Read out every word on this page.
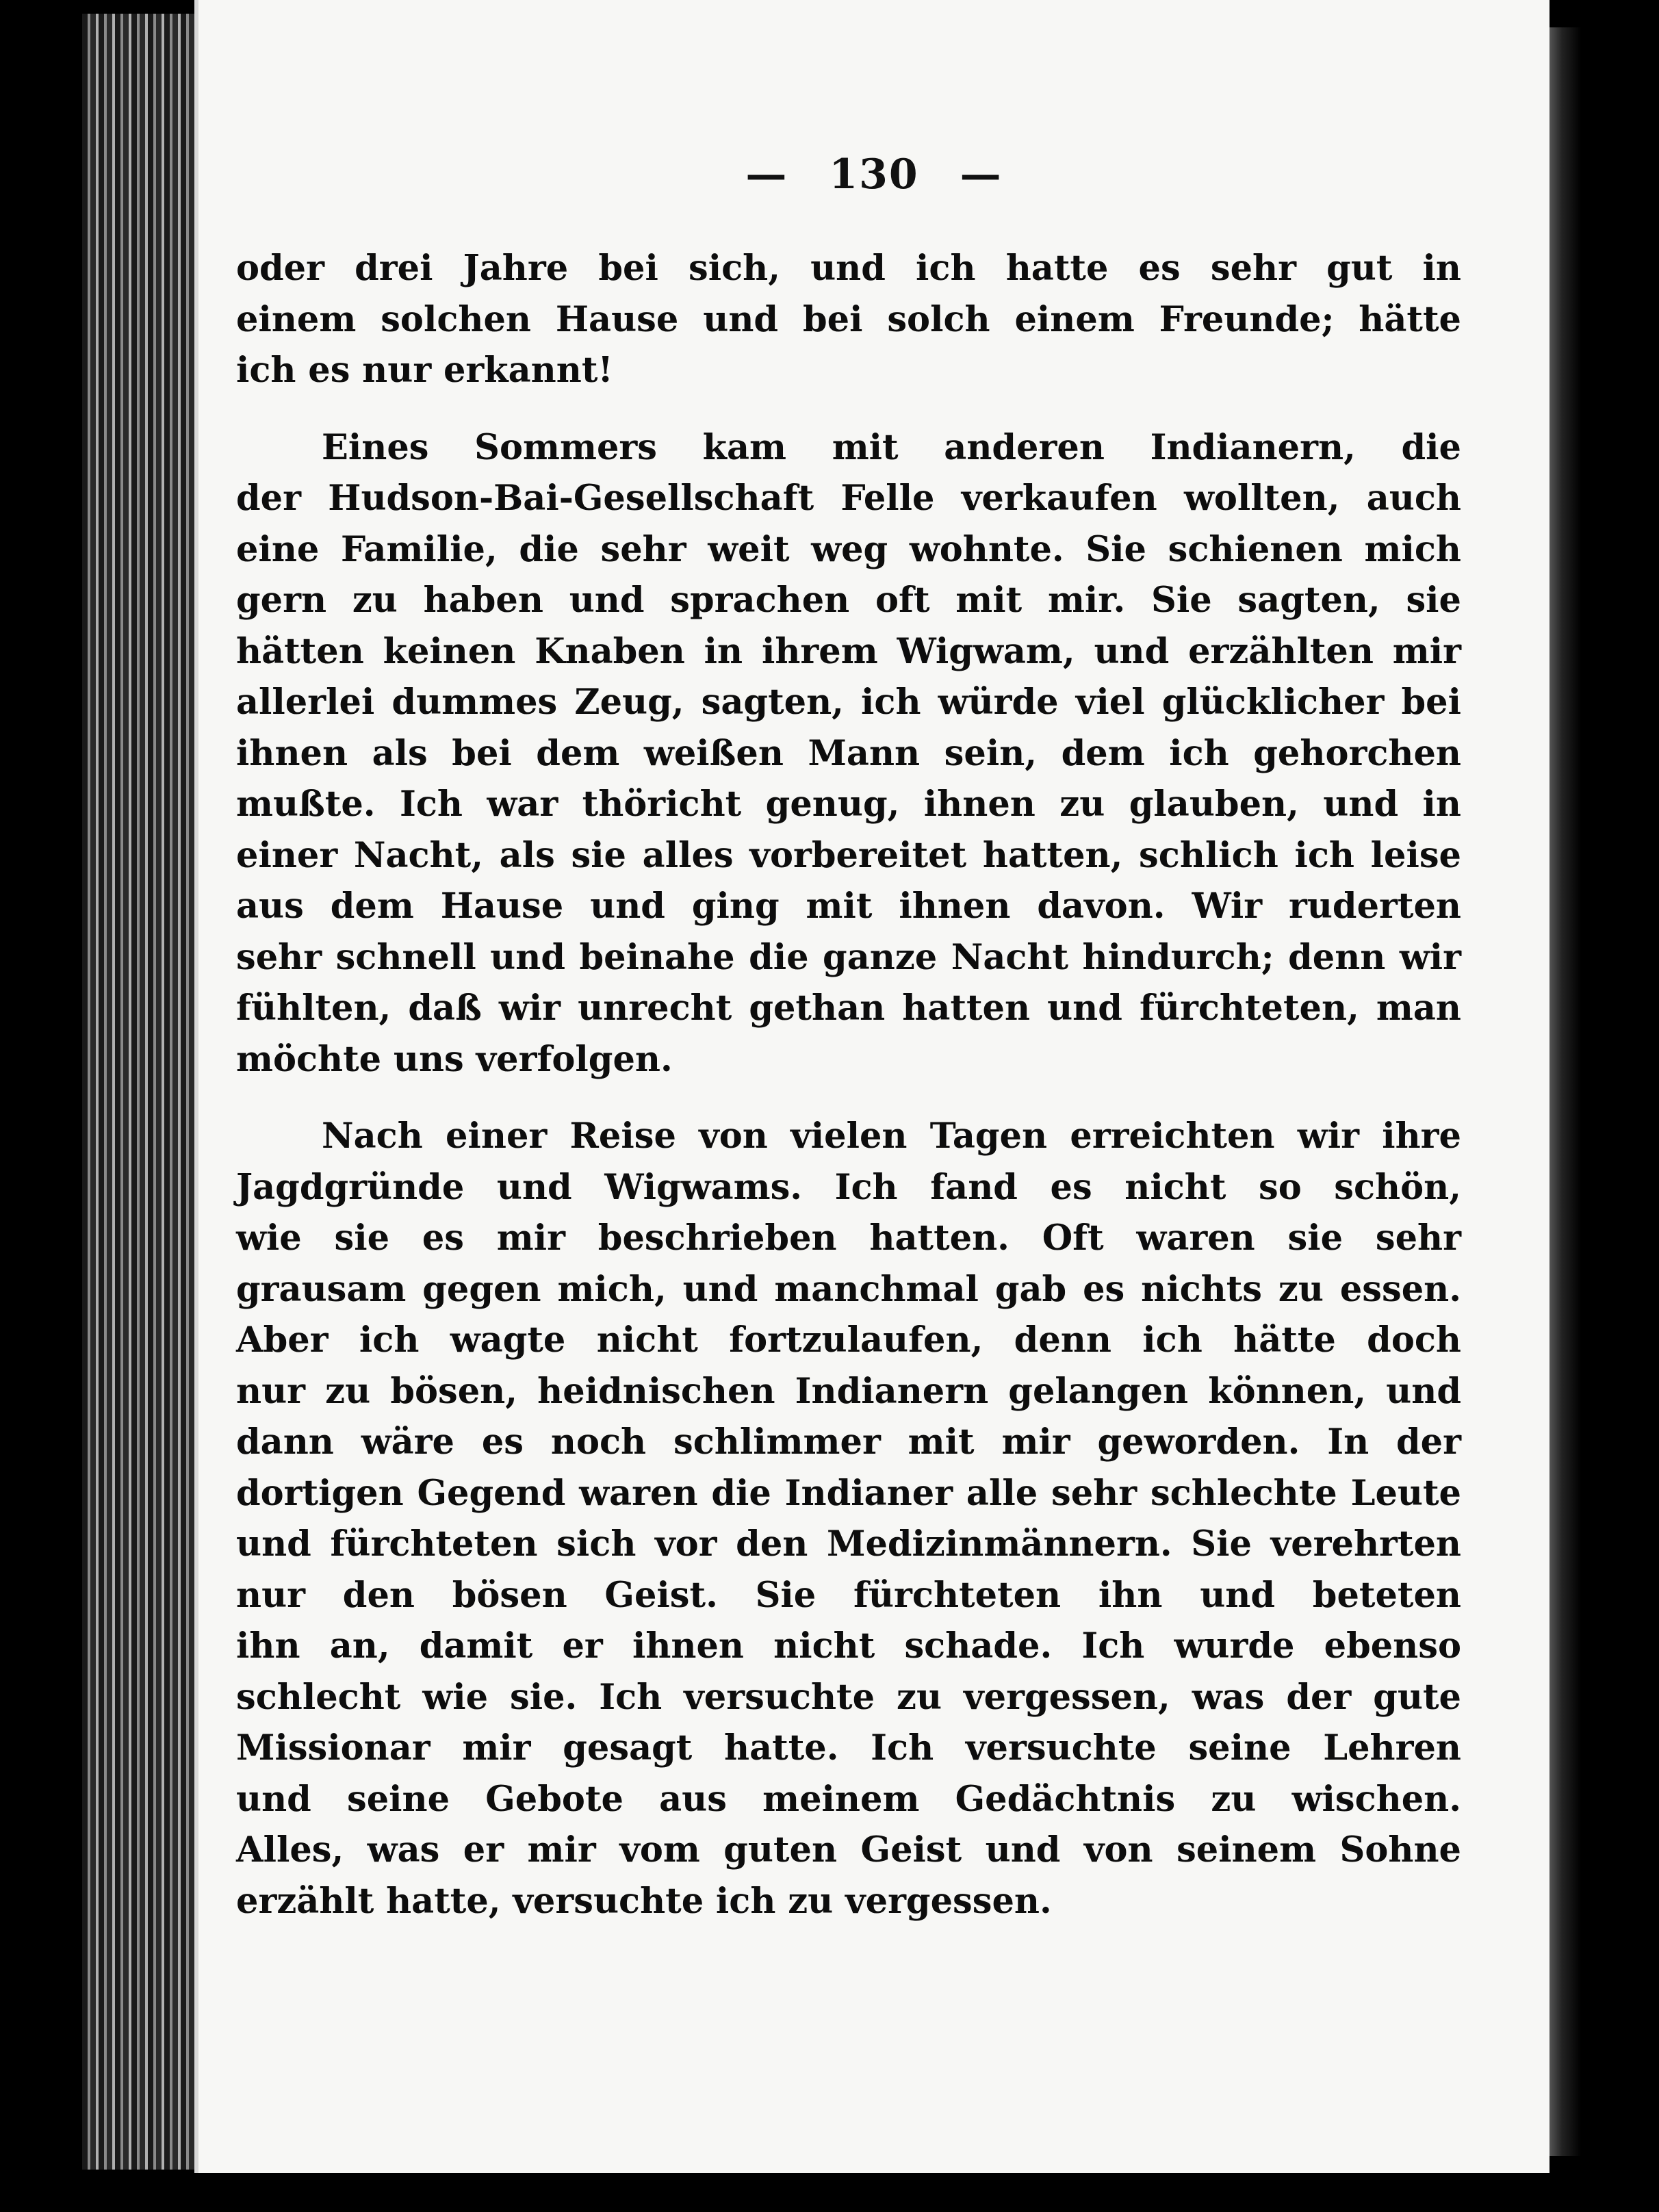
— 130 —

oder drei Jahre bei sich, und ich hatte es sehr gut in
einem solchen Hause und bei solch einem Freunde; hätte
ich es nur erkannt!

Eines Sommers kam mit anderen Indianern, die
der Hudson-Bai-Gesellschaft Felle verkaufen wollten, auch
eine Familie, die sehr weit weg wohnte. Sie schienen mich
gern zu haben und sprachen oft mit mir. Sie sagten, sie
hätten keinen Knaben in ihrem Wigwam, und erzählten mir
allerlei dummes Zeug, sagten, ich würde viel glücklicher bei
ihnen als bei dem weißen Mann sein, dem ich gehorchen
mußte. Ich war thöricht genug, ihnen zu glauben, und in
einer Nacht, als sie alles vorbereitet hatten, schlich ich leise
aus dem Hause und ging mit ihnen davon. Wir ruderten
sehr schnell und beinahe die ganze Nacht hindurch; denn wir
fühlten, daß wir unrecht gethan hatten und fürchteten, man
möchte uns verfolgen.

Nach einer Reise von vielen Tagen erreichten wir ihre
Jagdgründe und Wigwams. Ich fand es nicht so schön,
wie sie es mir beschrieben hatten. Oft waren sie sehr
grausam gegen mich, und manchmal gab es nichts zu essen.
Aber ich wagte nicht fortzulaufen, denn ich hätte doch
nur zu bösen, heidnischen Indianern gelangen können, und
dann wäre es noch schlimmer mit mir geworden. In der
dortigen Gegend waren die Indianer alle sehr schlechte Leute
und fürchteten sich vor den Medizinmännern. Sie verehrten
nur den bösen Geist. Sie fürchteten ihn und beteten
ihn an, damit er ihnen nicht schade. Ich wurde ebenso
schlecht wie sie. Ich versuchte zu vergessen, was der gute
Missionar mir gesagt hatte. Ich versuchte seine Lehren
und seine Gebote aus meinem Gedächtnis zu wischen.
Alles, was er mir vom guten Geist und von seinem Sohne
erzählt hatte, versuchte ich zu vergessen.
